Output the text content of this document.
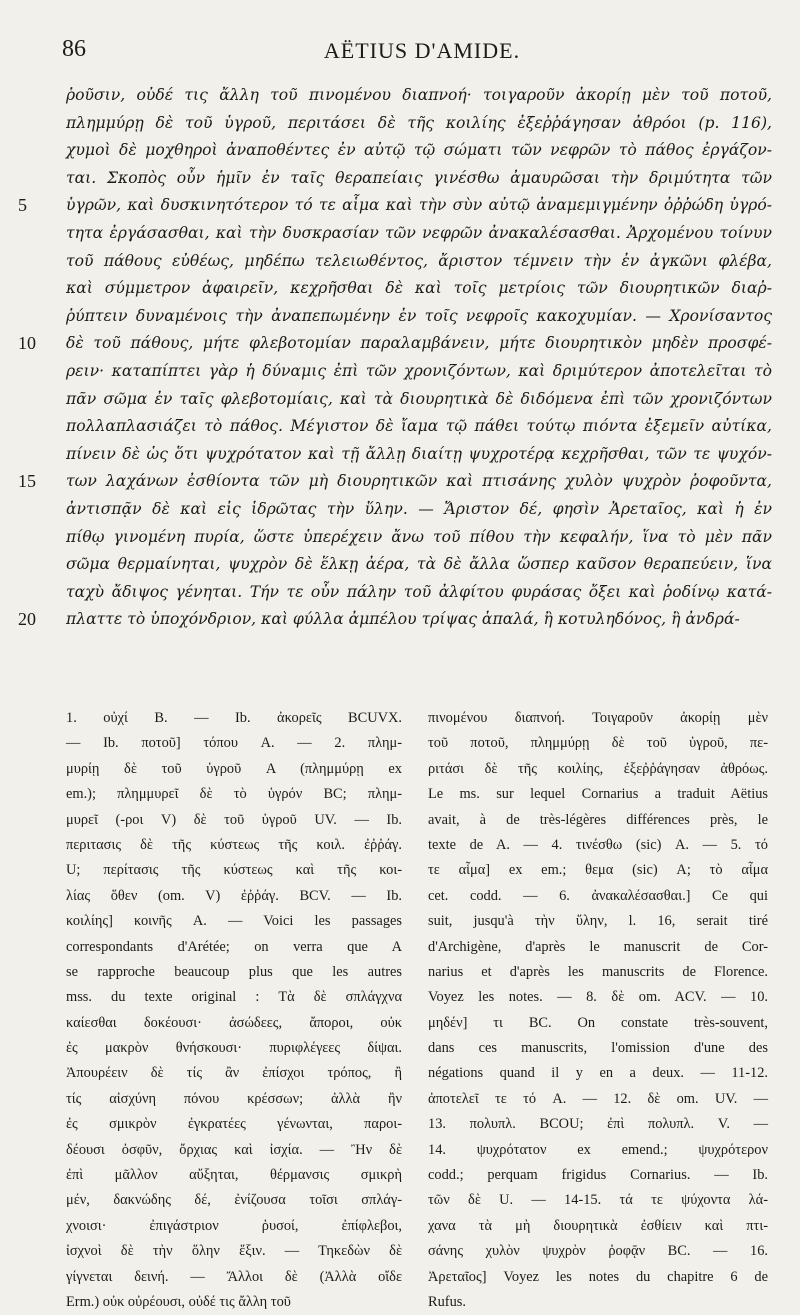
86	AËTIUS D'AMIDE.
ῥοῦσιν, οὐδέ τις ἄλλη τοῦ πινομένου διαπνοή· τοιγαροῦν ἀκορίῃ μὲν τοῦ ποτοῦ,
πλημμύρῃ δὲ τοῦ ὑγροῦ, περιτάσει δὲ τῆς κοιλίης ἐξεῤῥάγησαν ἀθρόοι (p. 116),
χυμοὶ δὲ μοχθηροὶ ἀναποθέντες ἐν αὐτῷ τῷ σώματι τῶν νεφρῶν τὸ πάθος ἐργάζον-
ται. Σκοπὸς οὖν ἡμῖν ἐν ταῖς θεραπείαις γινέσθω ἀμαυρῶσαι τὴν δριμύτητα τῶν
5	ὑγρῶν, καὶ δυσκινητότερον τό τε αἷμα καὶ τὴν σὺν αὐτῷ ἀναμεμιγμένην ὀῤῥώδη ὑγρό-
τητα ἐργάσασθαι, καὶ τὴν δυσκρασίαν τῶν νεφρῶν ἀνακαλέσασθαι. Ἀρχομένου τοίνυν
τοῦ πάθους εὐθέως, μηδέπω τελειωθέντος, ἄριστον τέμνειν τὴν ἐν ἀγκῶνι φλέβα,
καὶ σύμμετρον ἀφαιρεῖν, κεχρῆσθαι δὲ καὶ τοῖς μετρίοις τῶν διουρητικῶν διαῤ-
ῥύπτειν δυναμένοις τὴν ἀναπεπωμένην ἐν τοῖς νεφροῖς κακοχυμίαν. — Χρονίσαντος
10 δὲ τοῦ πάθους, μήτε φλεβοτομίαν παραλαμβάνειν, μήτε διουρητικὸν μηδὲν προσφέ-
ρειν· καταπίπτει γὰρ ἡ δύναμις ἐπὶ τῶν χρονιζόντων, καὶ δριμύτερον ἀποτελεῖται τὸ
πᾶν σῶμα ἐν ταῖς φλεβοτομίαις, καὶ τὰ διουρητικὰ δὲ διδόμενα ἐπὶ τῶν χρονιζόντων
πολλαπλασιάζει τὸ πάθος. Μέγιστον δὲ ἴαμα τῷ πάθει τούτῳ πιόντα ἐξεμεῖν αὐτίκα,
πίνειν δὲ ὡς ὅτι ψυχρότατον καὶ τῇ ἄλλῃ διαίτῃ ψυχροτέρᾳ κεχρῆσθαι, τῶν τε ψυχόν-
15 των λαχάνων ἐσθίοντα τῶν μὴ διουρητικῶν καὶ πτισάνης χυλὸν ψυχρὸν ῥοφοῦντα,
ἀντισπᾷν δὲ καὶ εἰς ἱδρῶτας τὴν ὕλην. — Ἄριστον δέ, φησὶν Ἀρεταῖος, καὶ ἡ ἐν
πίθῳ γινομένη πυρία, ὥστε ὑπερέχειν ἄνω τοῦ πίθου τὴν κεφαλήν, ἵνα τὸ μὲν πᾶν
σῶμα θερμαίνηται, ψυχρὸν δὲ ἕλκῃ ἀέρα, τὰ δὲ ἄλλα ὥσπερ καῦσον θεραπεύειν, ἵνα
ταχὺ ἄδιψος γένηται. Τήν τε οὖν πάλην τοῦ ἀλφίτου φυράσας ὄξει καὶ ῥοδίνῳ κατά-
20 πλαττε τὸ ὑποχόνδριον, καὶ φύλλα ἀμπέλου τρίψας ἁπαλά, ἢ κοτυληδόνος, ἢ ἀνδρά-
1. οὐχί B. — Ib. ἀκορεῖς BCUVX.
— Ib. ποτοῦ] τόπου A. — 2. πλημ-
μυρίῃ δὲ τοῦ ὑγροῦ A (πλημμύρῃ ex
em.); πλημμυρεῖ δὲ τὸ ὑγρόν BC; πλημ-
μυρεῖ (-ροι V) δὲ τοῦ ὑγροῦ UV. — Ib.
περιτασις δὲ τῆς κύστεως τῆς κοιλ. ἐῤῥάγ.
U; περίτασις τῆς κύστεως καὶ τῆς κοι-
λίας ὅθεν (om. V) ἐῤῥάγ. BCV. — Ib.
κοιλίης] κοινῆς A. — Voici les passages
correspondants d'Arétée; on verra que A
se rapproche beaucoup plus que les autres
mss. du texte original : Τὰ δὲ σπλάγχνα
καίεσθαι δοκέουσι· ἀσώδεες, ἄποροι, οὐκ
ἐς μακρὸν θνήσκουσι· πυριφλέγεες δίψαι.
Ἀπουρέειν δὲ τίς ἂν ἐπίσχοι τρόπος, ἢ
τίς αἰσχύνη πόνου κρέσσων; ἀλλὰ ἢν
ἐς σμικρὸν ἐγκρατέες γένωνται, παροι-
δέουσι ὀσφῦν, ὄρχιας καὶ ἰσχία. — Ἢν δὲ
ἐπὶ μᾶλλον αὔξηται, θέρμανσις σμικρὴ
μέν, δακνώδης δέ, ἐνίζουσα τοῖσι σπλάγ-
χνοισι· ἐπιγάστριον ῥυσοί, ἐπίφλεβοι,
ἰσχνοὶ δὲ τὴν ὅλην ἕξιν. — Τηκεδὼν δὲ
γίγνεται δεινή. — Ἄλλοι δὲ (Ἀλλὰ οἴδε
Erm.) οὐκ οὐρέουσι, οὐδέ τις ἄλλη τοῦ
πινομένου διαπνοή. Τοιγαροῦν ἀκορίῃ μὲν
τοῦ ποτοῦ, πλημμύρῃ δὲ τοῦ ὑγροῦ, πε-
ριτάσι δὲ τῆς κοιλίης, ἐξεῤῥάγησαν ἀθρόως.
Le ms. sur lequel Cornarius a traduit Aëtius
avait, à de très-légères différences près, le
texte de A. — 4. τινέσθω (sic) A. — 5. τό
τε αἷμα] ex em.; θεμα (sic) A; τὸ αἷμα
cet. codd. — 6. ἀνακαλέσασθαι.] Ce qui
suit, jusqu'à τὴν ὕλην, l. 16, serait tiré
d'Archigène, d'après le manuscrit de Cor-
narius et d'après les manuscrits de Florence.
Voyez les notes. — 8. δὲ om. ACV. — 10.
μηδέν] τι BC. On constate très-souvent,
dans ces manuscrits, l'omission d'une des
négations quand il y en a deux. — 11-12.
ἀποτελεῖ τε τό A. — 12. δὲ om. UV. —
13. πολυπλ. BCOU; ἐπὶ πολυπλ. V. —
14. ψυχρότατον ex emend.; ψυχρότερον
codd.; perquam frigidus Cornarius. — Ib.
τῶν δὲ U. — 14-15. τά τε ψύχοντα λά-
χανα τὰ μὴ διουρητικὰ ἐσθίειν καὶ πτι-
σάνης χυλὸν ψυχρὸν ῥοφᾷν BC. — 16.
Ἀρεταῖος] Voyez les notes du chapitre 6 de
Rufus.
